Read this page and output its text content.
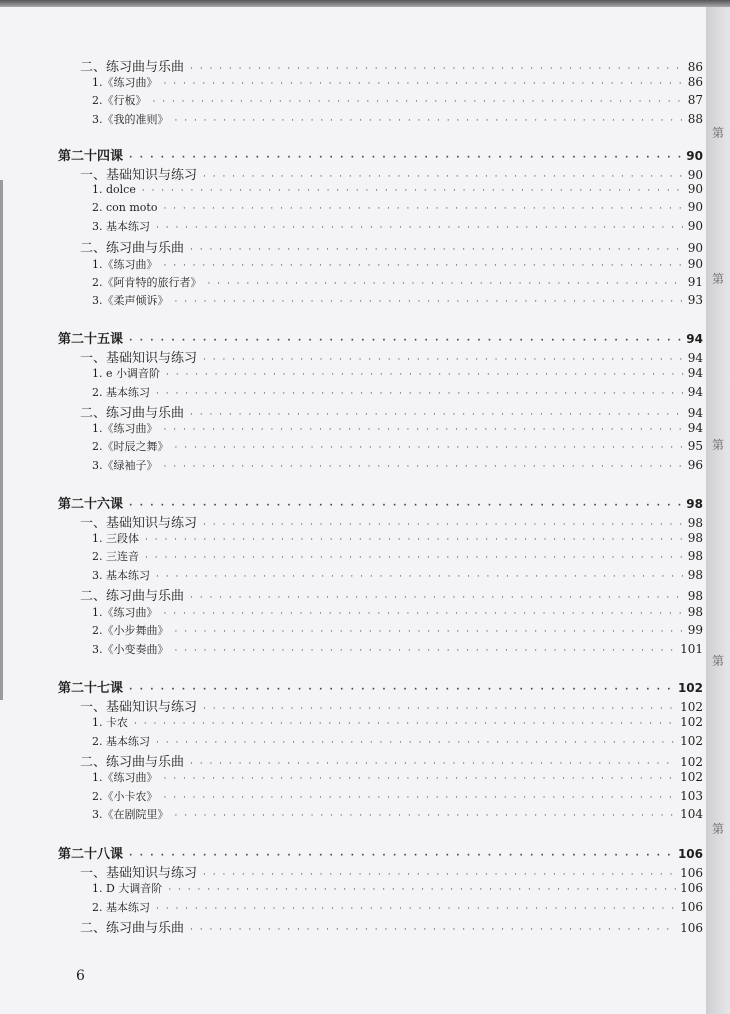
二、练习曲与乐曲 · · ·	86
1.《练习曲》 · · ·	86
2.《行板》 · · ·	87
3.《我的准则》 · · ·	88
第二十四课 · · ·	90
一、基础知识与练习 · · ·	90
1. dolce · · ·	90
2. con moto · · ·	90
3. 基本练习 · · ·	90
二、练习曲与乐曲 · · ·	90
1.《练习曲》 · · ·	90
2.《阿肯特的旅行者》 · · ·	91
3.《柔声倾诉》 · · ·	93
第二十五课 · · ·	94
一、基础知识与练习 · · ·	94
1. e 小调音阶 · · ·	94
2. 基本练习 · · ·	94
二、练习曲与乐曲 · · ·	94
1.《练习曲》 · · ·	94
2.《时辰之舞》 · · ·	95
3.《绿袖子》 · · ·	96
第二十六课 · · ·	98
一、基础知识与练习 · · ·	98
1. 三段体 · · ·	98
2. 三连音 · · ·	98
3. 基本练习 · · ·	98
二、练习曲与乐曲 · · ·	98
1.《练习曲》 · · ·	98
2.《小步舞曲》 · · ·	99
3.《小变奏曲》 · · ·	101
第二十七课 · · ·	102
一、基础知识与练习 · · ·	102
1. 卡农 · · ·	102
2. 基本练习 · · ·	102
二、练习曲与乐曲 · · ·	102
1.《练习曲》 · · ·	102
2.《小卡农》 · · ·	103
3.《在剧院里》 · · ·	104
第二十八课 · · ·	106
一、基础知识与练习 · · ·	106
1. D 大调音阶 · · ·	106
2. 基本练习 · · ·	106
二、练习曲与乐曲 · · ·	106
6
第
第
第
第
第
